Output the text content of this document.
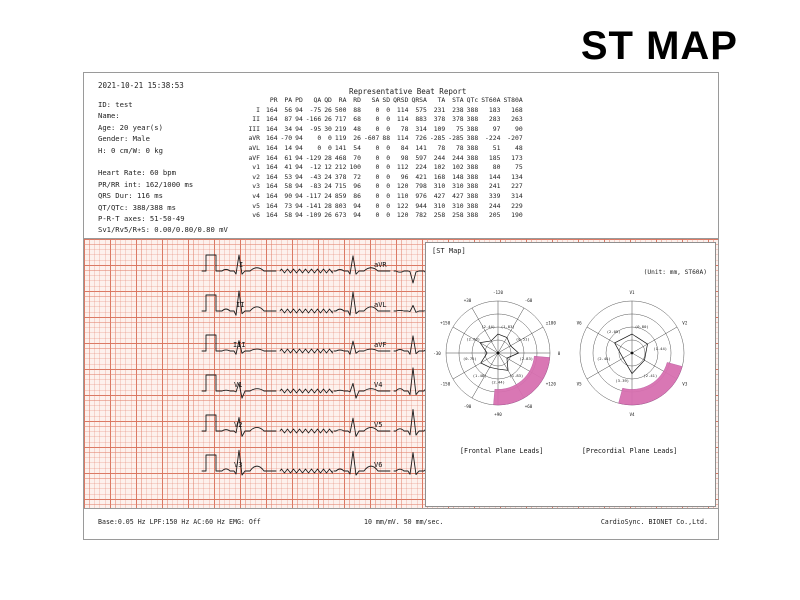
ST MAP
2021-10-21 15:38:53
Representative Beat Report
ID: test
Name:
Age: 20 year(s)
Gender: Male
H: 0 cm/W: 0 kg

Heart Rate: 60 bpm
PR/RR int: 162/1000 ms
QRS Dur: 116 ms
QT/QTc: 388/388 ms
P-R-T axes: 51-50-49
Sv1/Rv5/R+S: 0.00/0.80/0.80 mV
	PR	PA	PD	QA	QD	RA	RD	SA	SD	QRSD	QRSA	TA	STA	QTc	ST60A	ST80A
I	164	56	94	-75	26	500	88	0	0	114	575	231	238	388	183	168
II	164	87	94	-166	26	717	68	0	0	114	883	378	378	388	283	263
III	164	34	94	-95	30	219	48	0	0	78	314	109	75	388	97	90
aVR	164	-70	94	0	0	119	26	-607	88	114	726	-285	-285	388	-224	-207
aVL	164	14	94	0	0	141	54	0	0	84	141	78	78	388	51	48
aVF	164	61	94	-129	28	468	70	0	0	98	597	244	244	388	185	173
v1	164	41	94	-12	12	212	100	0	0	112	224	102	102	388	80	75
v2	164	53	94	-43	24	378	72	0	0	96	421	168	148	388	144	134
v3	164	58	94	-83	24	715	96	0	0	120	798	310	310	388	241	227
v4	164	90	94	-117	24	859	86	0	0	110	976	427	427	388	339	314
v5	164	73	94	-141	28	803	94	0	0	122	944	310	310	388	244	229
v6	164	58	94	-109	26	673	94	0	0	120	782	258	258	388	205	190
I
II
III
V1
V2
V3
aVR
aVL
aVF
V4
V5
V6
[ST Map]
(Unit: mm, ST60A)
-120
-60
±180
0
+120
+60
+90
-90
-150
-30
+150
+30
(1.83)
(0.51)
(2.83)
(1.83)
(2.44)
(1.48)
(0.75)
(2.63)
(2.44)
V1
V2
V3
V4
V5
V6
(0.80)
(1.44)
(2.41)
(3.39)
(2.44)
(2.05)
[Frontal Plane Leads]	[Precordial Plane Leads]
Base:0.05 Hz LPF:150 Hz AC:60 Hz EMG: Off	10 mm/mV. 50 mm/sec.	CardioSync. BIONET Co.,Ltd.
